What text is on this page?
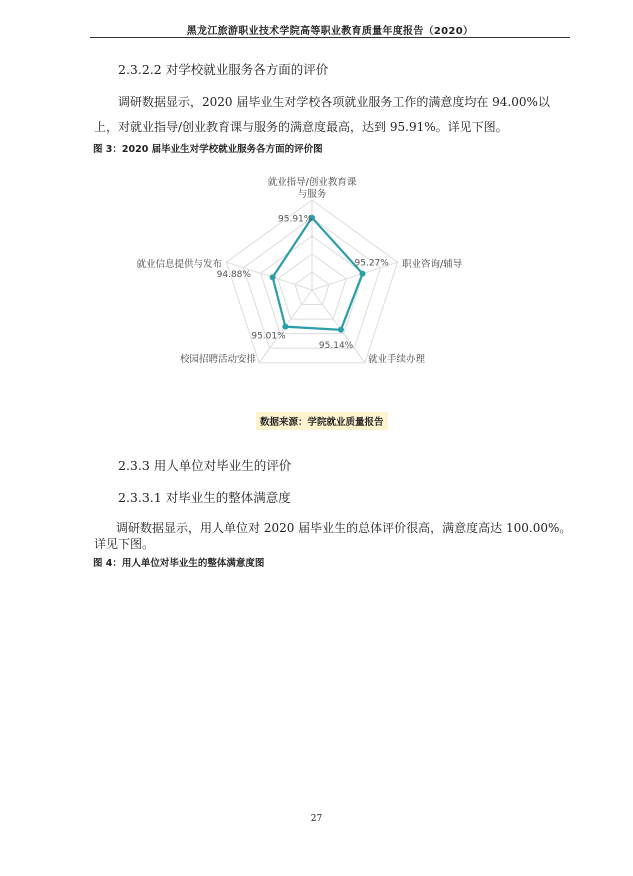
黑龙江旅游职业技术学院高等职业教育质量年度报告（2020）
2.3.2.2 对学校就业服务各方面的评价
调研数据显示，2020 届毕业生对学校各项就业服务工作的满意度均在 94.00%以
上，对就业指导/创业教育课与服务的满意度最高，达到 95.91%。详见下图。
图 3：2020 届毕业生对学校就业服务各方面的评价图
95.91%
95.27%
95.14%
95.01%
94.88%
就业指导/创业教育课与服务
职业咨询/辅导
就业手续办理
校园招聘活动安排
就业信息提供与发布
数据来源：学院就业质量报告
2.3.3 用人单位对毕业生的评价
2.3.3.1 对毕业生的整体满意度
调研数据显示，用人单位对 2020 届毕业生的总体评价很高，满意度高达 100.00%。
详见下图。
图 4：用人单位对毕业生的整体满意度图
27
